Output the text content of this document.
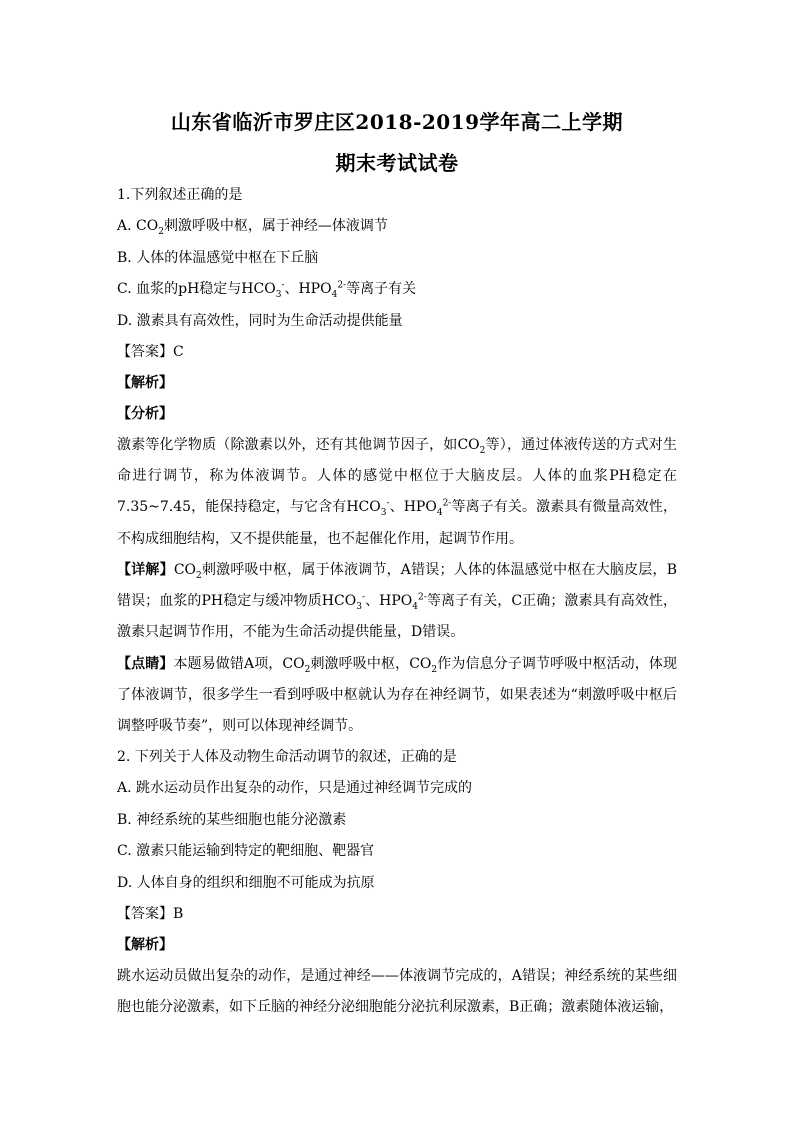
山东省临沂市罗庄区2018-2019学年高二上学期
期末考试试卷
1.下列叙述正确的是
A. $CO_2$刺激呼吸中枢，属于神经—体液调节
B. 人体的体温感觉中枢在下丘脑
C. 血浆的pH稳定与$HCO_3^-$、$HPO_4^{2-}$等离子有关
D. 激素具有高效性，同时为生命活动提供能量
【答案】C
【解析】
【分析】
激素等化学物质（除激素以外，还有其他调节因子，如$CO_2$等），通过体液传送的方式对生命进行调节，称为体液调节。人体的感觉中枢位于大脑皮层。人体的血浆PH稳定在7.35~7.45，能保持稳定，与它含有$HCO_3^-$、$HPO_4^{2-}$等离子有关。激素具有微量高效性，不构成细胞结构，又不提供能量，也不起催化作用，起调节作用。
【详解】$CO_2$刺激呼吸中枢，属于体液调节，A错误；人体的体温感觉中枢在大脑皮层，B错误；血浆的PH稳定与缓冲物质$HCO_3^-$、$HPO_4^{2-}$等离子有关，C正确；激素具有高效性，激素只起调节作用，不能为生命活动提供能量，D错误。
【点睛】本题易做错A项，$CO_2$刺激呼吸中枢，$CO_2$作为信息分子调节呼吸中枢活动，体现了体液调节，很多学生一看到呼吸中枢就认为存在神经调节，如果表述为“刺激呼吸中枢后调整呼吸节奏”，则可以体现神经调节。
2. 下列关于人体及动物生命活动调节的叙述，正确的是
A. 跳水运动员作出复杂的动作，只是通过神经调节完成的
B. 神经系统的某些细胞也能分泌激素
C. 激素只能运输到特定的靶细胞、靶器官
D. 人体自身的组织和细胞不可能成为抗原
【答案】B
【解析】
跳水运动员做出复杂的动作，是通过神经——体液调节完成的，A错误；神经系统的某些细胞也能分泌激素，如下丘脑的神经分泌细胞能分泌抗利尿激素，B正确；激素随体液运输，
